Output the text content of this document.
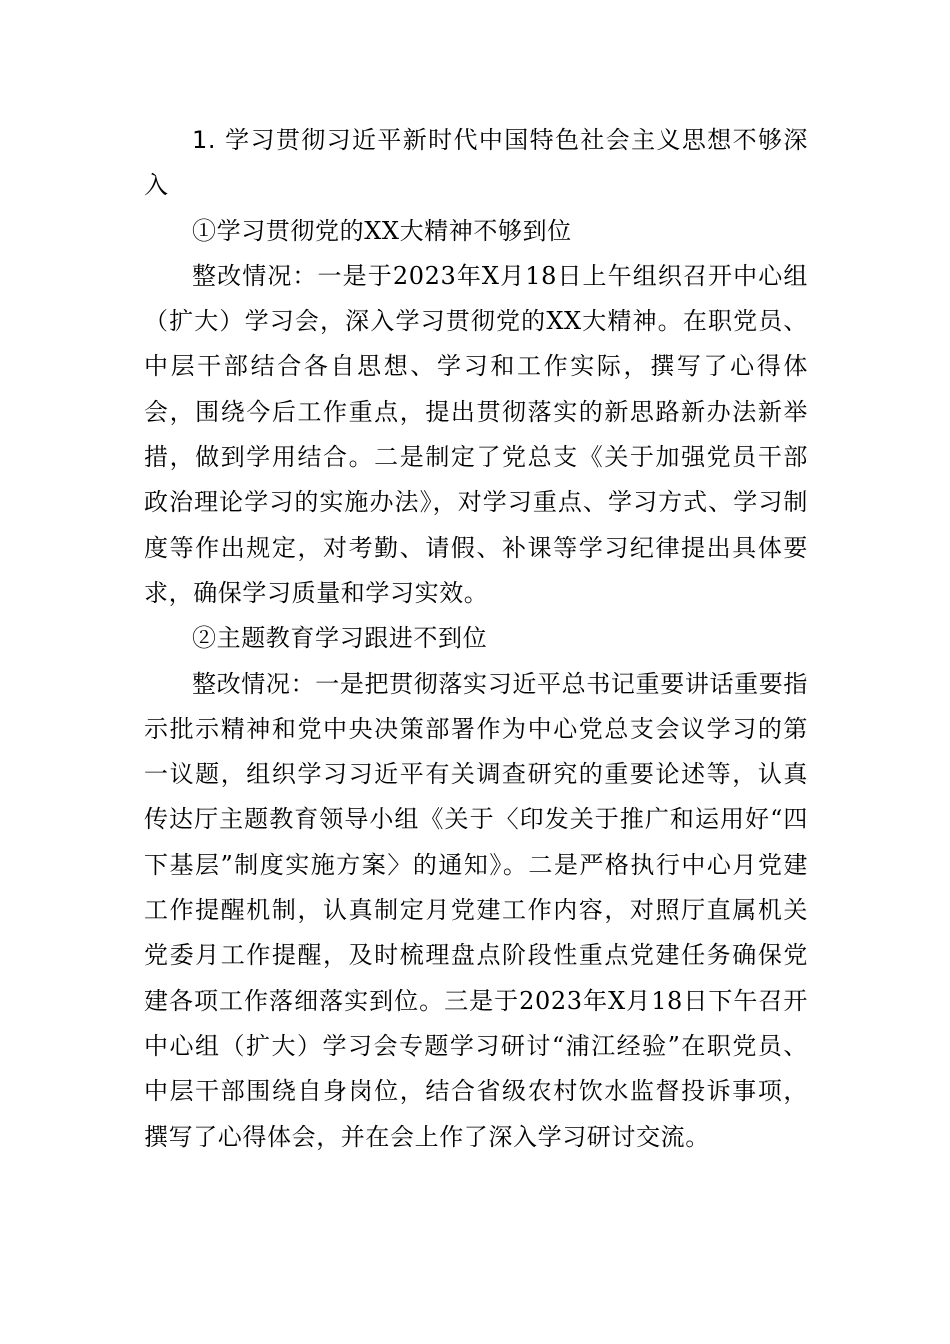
1. 学习贯彻习近平新时代中国特色社会主义思想不够深入

①学习贯彻党的XX大精神不够到位

整改情况：一是于2023年X月18日上午组织召开中心组（扩大）学习会，深入学习贯彻党的XX大精神。在职党员、中层干部结合各自思想、学习和工作实际，撰写了心得体会，围绕今后工作重点，提出贯彻落实的新思路新办法新举措，做到学用结合。二是制定了党总支《关于加强党员干部政治理论学习的实施办法》，对学习重点、学习方式、学习制度等作出规定，对考勤、请假、补课等学习纪律提出具体要求，确保学习质量和学习实效。

②主题教育学习跟进不到位

整改情况：一是把贯彻落实习近平总书记重要讲话重要指示批示精神和党中央决策部署作为中心党总支会议学习的第一议题，组织学习习近平有关调查研究的重要论述等，认真传达厅主题教育领导小组《关于〈印发关于推广和运用好“四下基层”制度实施方案〉的通知》。二是严格执行中心月党建工作提醒机制，认真制定月党建工作内容，对照厅直属机关党委月工作提醒，及时梳理盘点阶段性重点党建任务确保党建各项工作落细落实到位。三是于2023年X月18日下午召开中心组（扩大）学习会专题学习研讨“浦江经验”在职党员、中层干部围绕自身岗位，结合省级农村饮水监督投诉事项，撰写了心得体会，并在会上作了深入学习研讨交流。
